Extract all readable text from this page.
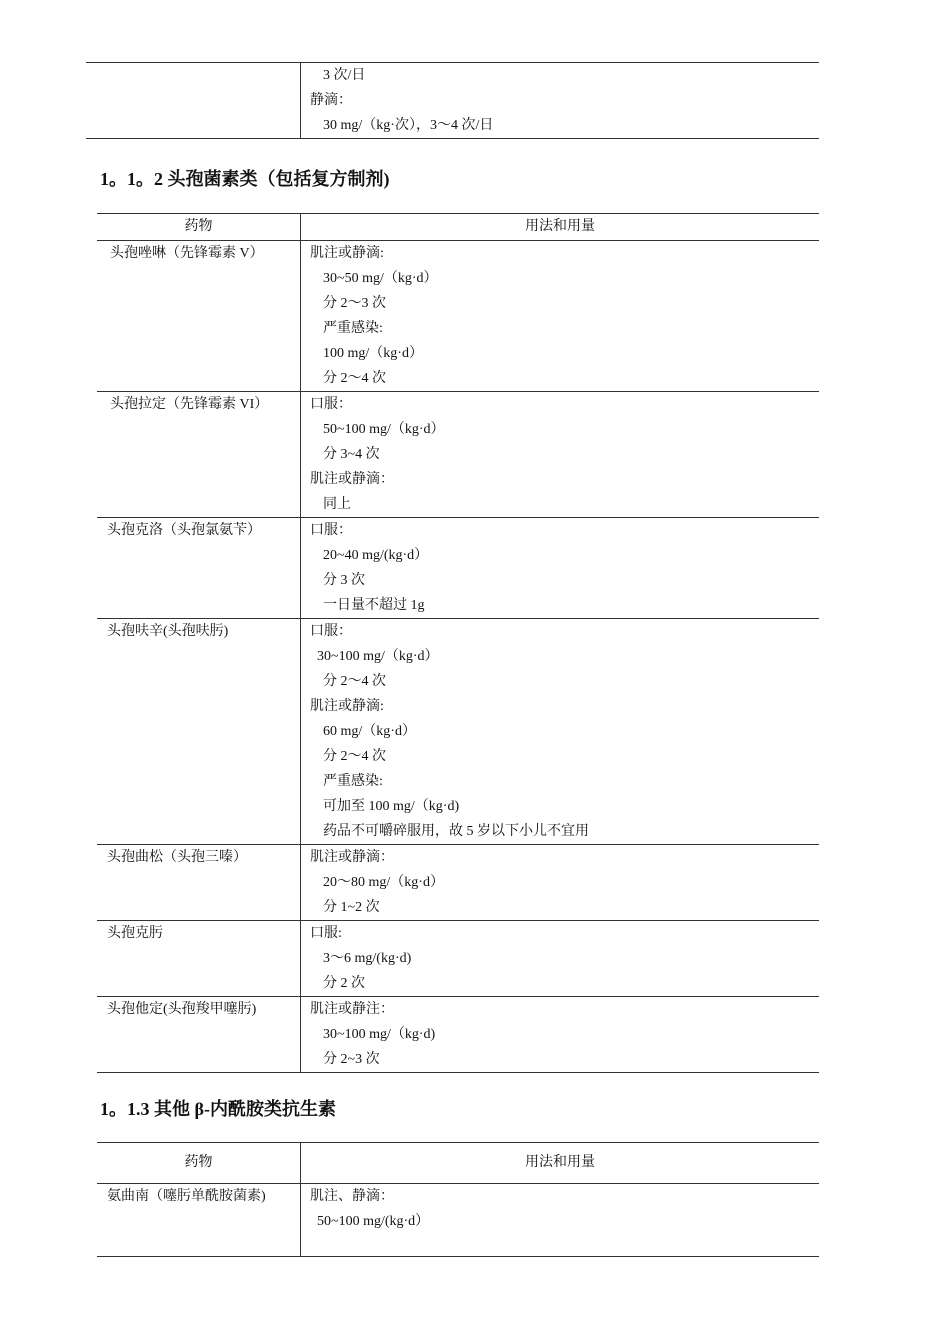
3 次/日
静滴：
30 mg/（kg·次），3～4 次/日
1。1。2 头孢菌素类（包括复方制剂)
药物	用法和用量
头孢唑啉（先锋霉素 V）	肌注或静滴:
30~50 mg/（kg·d）
分 2～3 次
严重感染:
100 mg/（kg·d）
分 2～4 次
头孢拉定（先锋霉素 VI）	口服：
50~100 mg/（kg·d）
分 3~4 次
肌注或静滴：
同上
头孢克洛（头孢氯氨苄）	口服：
20~40 mg/(kg·d）
分 3 次
一日量不超过 1g
头孢呋辛(头孢呋肟)	口服：
30~100 mg/（kg·d）
分 2～4 次
肌注或静滴:
60 mg/（kg·d）
分 2～4 次
严重感染:
可加至 100 mg/（kg·d)
药品不可嚼碎服用，故 5 岁以下小儿不宜用
头孢曲松（头孢三嗪）	肌注或静滴：
20～80 mg/（kg·d）
分 1~2 次
头孢克肟	口服:
3～6 mg/(kg·d)
分 2 次
头孢他定(头孢羧甲噻肟)	肌注或静注：
30~100 mg/（kg·d)
分 2~3 次
1。1.3 其他 β-内酰胺类抗生素
药物	用法和用量
氨曲南（噻肟单酰胺菌素)	肌注、静滴：
50~100 mg/(kg·d）
